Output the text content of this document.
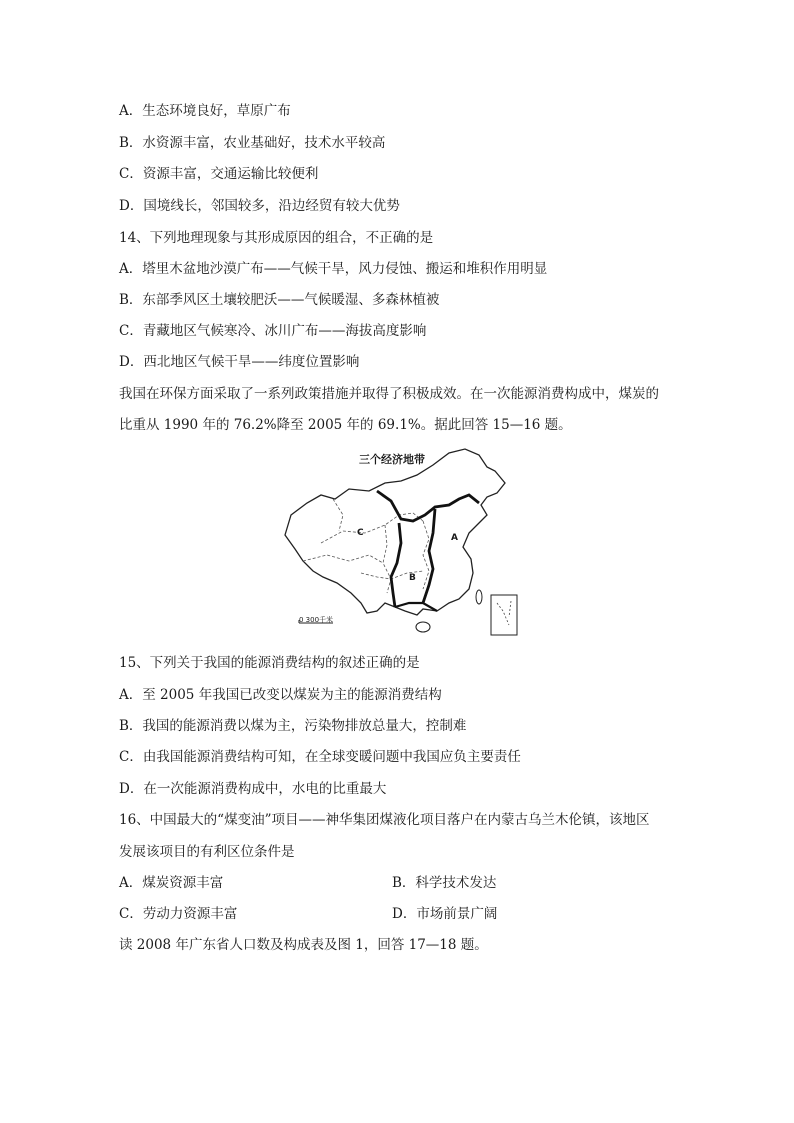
A．生态环境良好，草原广布
B．水资源丰富，农业基础好，技术水平较高
C．资源丰富，交通运输比较便利
D．国境线长，邻国较多，沿边经贸有较大优势
14、下列地理现象与其形成原因的组合，不正确的是
A．塔里木盆地沙漠广布——气候干旱，风力侵蚀、搬运和堆积作用明显
B．东部季风区土壤较肥沃——气候暖湿、多森林植被
C．青藏地区气候寒冷、冰川广布——海拔高度影响
D．西北地区气候干旱——纬度位置影响
我国在环保方面采取了一系列政策措施并取得了积极成效。在一次能源消费构成中，煤炭的
比重从 1990 年的 76.2%降至 2005 年的 69.1%。据此回答 15—16 题。
三个经济地带
0 300千米
A
B
C
15、下列关于我国的能源消费结构的叙述正确的是
A．至 2005 年我国已改变以煤炭为主的能源消费结构
B．我国的能源消费以煤为主，污染物排放总量大，控制难
C．由我国能源消费结构可知，在全球变暖问题中我国应负主要责任
D．在一次能源消费构成中，水电的比重最大
16、中国最大的“煤变油”项目——神华集团煤液化项目落户在内蒙古乌兰木伦镇，该地区
发展该项目的有利区位条件是
A．煤炭资源丰富	B．科学技术发达
C．劳动力资源丰富	D．市场前景广阔
读 2008 年广东省人口数及构成表及图 1，回答 17—18 题。
